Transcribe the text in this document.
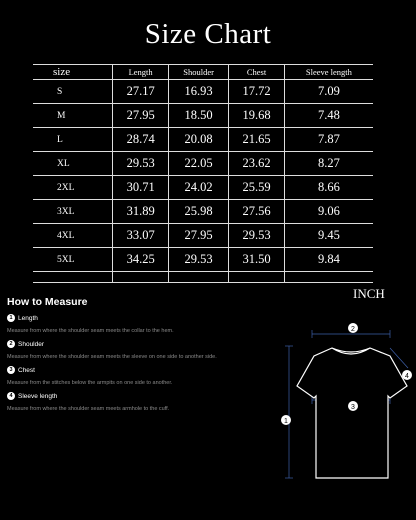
Size Chart
size	Length	Shoulder	Chest	Sleeve length
S	27.17	16.93	17.72	7.09
M	27.95	18.50	19.68	7.48
L	28.74	20.08	21.65	7.87
XL	29.53	22.05	23.62	8.27
2XL	30.71	24.02	25.59	8.66
3XL	31.89	25.98	27.56	9.06
4XL	33.07	27.95	29.53	9.45
5XL	34.25	29.53	31.50	9.84

INCH
How to Measure
1 Length
Measure from where the shoulder seam meets the collar to the hem.
2 Shoulder
Measure from where the shoulder seam meets the sleeve on one side to another side.
3 Chest
Measure from the stitches below the armpits on one side to another.
4 Sleeve length
Measure from where the shoulder seam meets armhole to the cuff.
2
3
1
4
